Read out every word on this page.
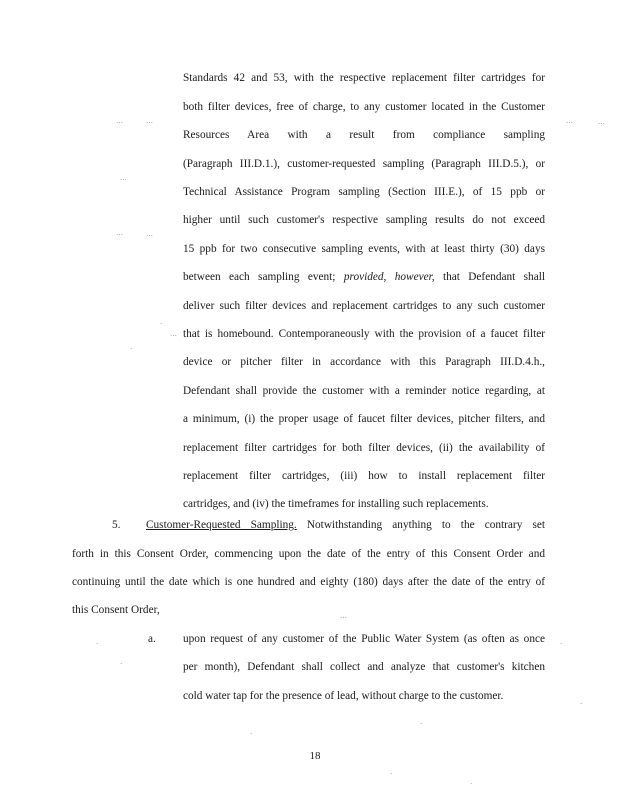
Standards 42 and 53, with the respective replacement filter cartridges for
both filter devices, free of charge, to any customer located in the Customer
Resources Area with a result from compliance sampling
(Paragraph III.D.1.), customer-requested sampling (Paragraph III.D.5.), or
Technical Assistance Program sampling (Section III.E.), of 15 ppb or
higher until such customer's respective sampling results do not exceed
15 ppb for two consecutive sampling events, with at least thirty (30) days
between each sampling event; provided, however, that Defendant shall
deliver such filter devices and replacement cartridges to any such customer
that is homebound. Contemporaneously with the provision of a faucet filter
device or pitcher filter in accordance with this Paragraph III.D.4.h.,
Defendant shall provide the customer with a reminder notice regarding, at
a minimum, (i) the proper usage of faucet filter devices, pitcher filters, and
replacement filter cartridges for both filter devices, (ii) the availability of
replacement filter cartridges, (iii) how to install replacement filter
cartridges, and (iv) the timeframes for installing such replacements.
5. Customer-Requested Sampling. Notwithstanding anything to the contrary set
forth in this Consent Order, commencing upon the date of the entry of this Consent Order and
continuing until the date which is one hundred and eighty (180) days after the date of the entry of
this Consent Order,
a. upon request of any customer of the Public Water System (as often as once
per month), Defendant shall collect and analyze that customer's kitchen
cold water tap for the presence of lead, without charge to the customer.
18
…	…	…
…
…
…
…
·
…
·
·
·
·
·
…
·
·
·
·
